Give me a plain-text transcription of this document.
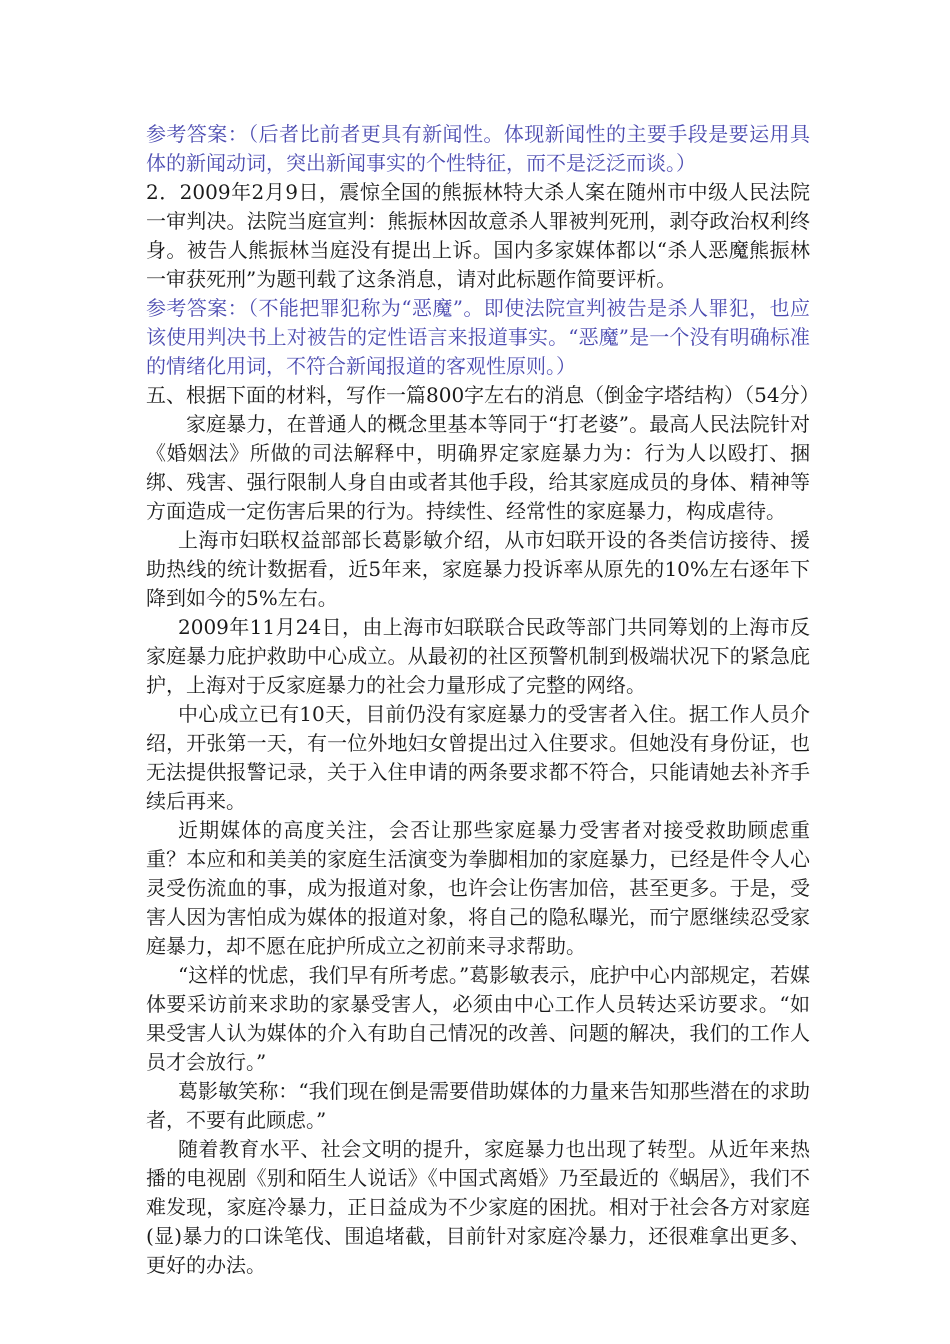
参考答案：（后者比前者更具有新闻性。体现新闻性的主要手段是要运用具体的新闻动词，突出新闻事实的个性特征，而不是泛泛而谈。）

2．2009年2月9日，震惊全国的熊振林特大杀人案在随州市中级人民法院一审判决。法院当庭宣判：熊振林因故意杀人罪被判死刑，剥夺政治权利终身。被告人熊振林当庭没有提出上诉。国内多家媒体都以“杀人恶魔熊振林一审获死刑”为题刊载了这条消息，请对此标题作简要评析。

参考答案：（不能把罪犯称为“恶魔”。即使法院宣判被告是杀人罪犯，也应该使用判决书上对被告的定性语言来报道事实。“恶魔”是一个没有明确标准的情绪化用词，不符合新闻报道的客观性原则。）

五、根据下面的材料，写作一篇800字左右的消息（倒金字塔结构）（54分）

家庭暴力，在普通人的概念里基本等同于“打老婆”。最高人民法院针对《婚姻法》所做的司法解释中，明确界定家庭暴力为：行为人以殴打、捆绑、残害、强行限制人身自由或者其他手段，给其家庭成员的身体、精神等方面造成一定伤害后果的行为。持续性、经常性的家庭暴力，构成虐待。

上海市妇联权益部部长葛影敏介绍，从市妇联开设的各类信访接待、援助热线的统计数据看，近5年来，家庭暴力投诉率从原先的10%左右逐年下降到如今的5%左右。

2009年11月24日，由上海市妇联联合民政等部门共同筹划的上海市反家庭暴力庇护救助中心成立。从最初的社区预警机制到极端状况下的紧急庇护，上海对于反家庭暴力的社会力量形成了完整的网络。

中心成立已有10天，目前仍没有家庭暴力的受害者入住。据工作人员介绍，开张第一天，有一位外地妇女曾提出过入住要求。但她没有身份证，也无法提供报警记录，关于入住申请的两条要求都不符合，只能请她去补齐手续后再来。

近期媒体的高度关注，会否让那些家庭暴力受害者对接受救助顾虑重重？本应和和美美的家庭生活演变为拳脚相加的家庭暴力，已经是件令人心灵受伤流血的事，成为报道对象，也许会让伤害加倍，甚至更多。于是，受害人因为害怕成为媒体的报道对象，将自己的隐私曝光，而宁愿继续忍受家庭暴力，却不愿在庇护所成立之初前来寻求帮助。

“这样的忧虑，我们早有所考虑。”葛影敏表示，庇护中心内部规定，若媒体要采访前来求助的家暴受害人，必须由中心工作人员转达采访要求。“如果受害人认为媒体的介入有助自己情况的改善、问题的解决，我们的工作人员才会放行。”

葛影敏笑称：“我们现在倒是需要借助媒体的力量来告知那些潜在的求助者，不要有此顾虑。”

随着教育水平、社会文明的提升，家庭暴力也出现了转型。从近年来热播的电视剧《别和陌生人说话》《中国式离婚》乃至最近的《蜗居》，我们不难发现，家庭冷暴力，正日益成为不少家庭的困扰。相对于社会各方对家庭(显)暴力的口诛笔伐、围追堵截，目前针对家庭冷暴力，还很难拿出更多、更好的办法。
